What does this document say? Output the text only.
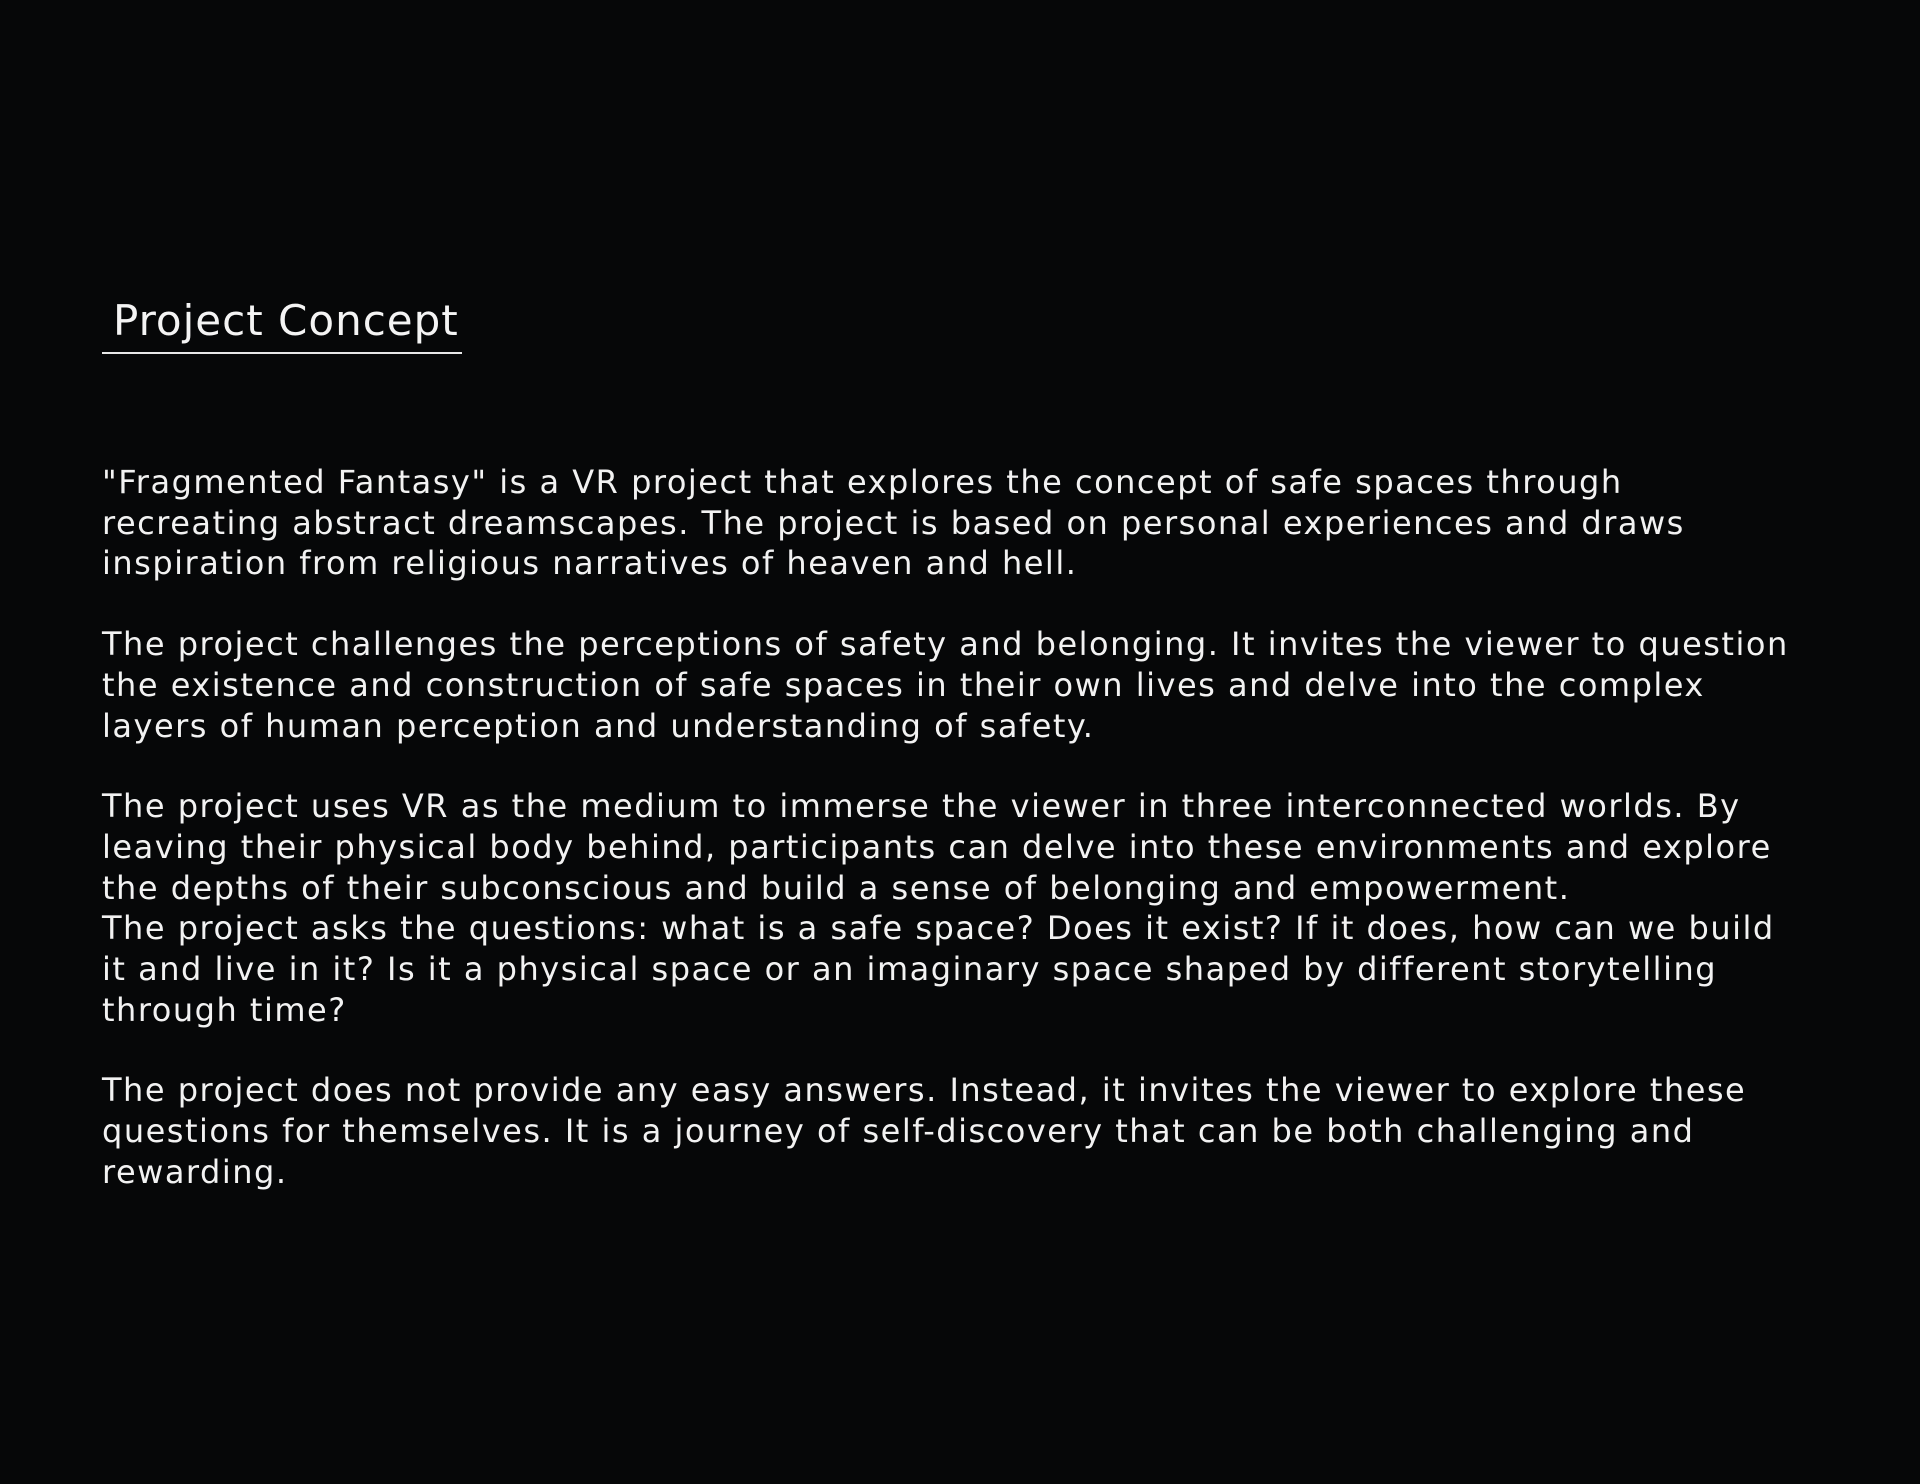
Project Concept
"Fragmented Fantasy" is a VR project that explores the concept of safe spaces through
recreating abstract dreamscapes. The project is based on personal experiences and draws
inspiration from religious narratives of heaven and hell.
The project challenges the perceptions of safety and belonging. It invites the viewer to question
the existence and construction of safe spaces in their own lives and delve into the complex
layers of human perception and understanding of safety.
The project uses VR as the medium to immerse the viewer in three interconnected worlds. By
leaving their physical body behind, participants can delve into these environments and explore
the depths of their subconscious and build a sense of belonging and empowerment.
The project asks the questions: what is a safe space? Does it exist? If it does, how can we build
it and live in it? Is it a physical space or an imaginary space shaped by different storytelling
through time?
The project does not provide any easy answers. Instead, it invites the viewer to explore these
questions for themselves. It is a journey of self-discovery that can be both challenging and
rewarding.
